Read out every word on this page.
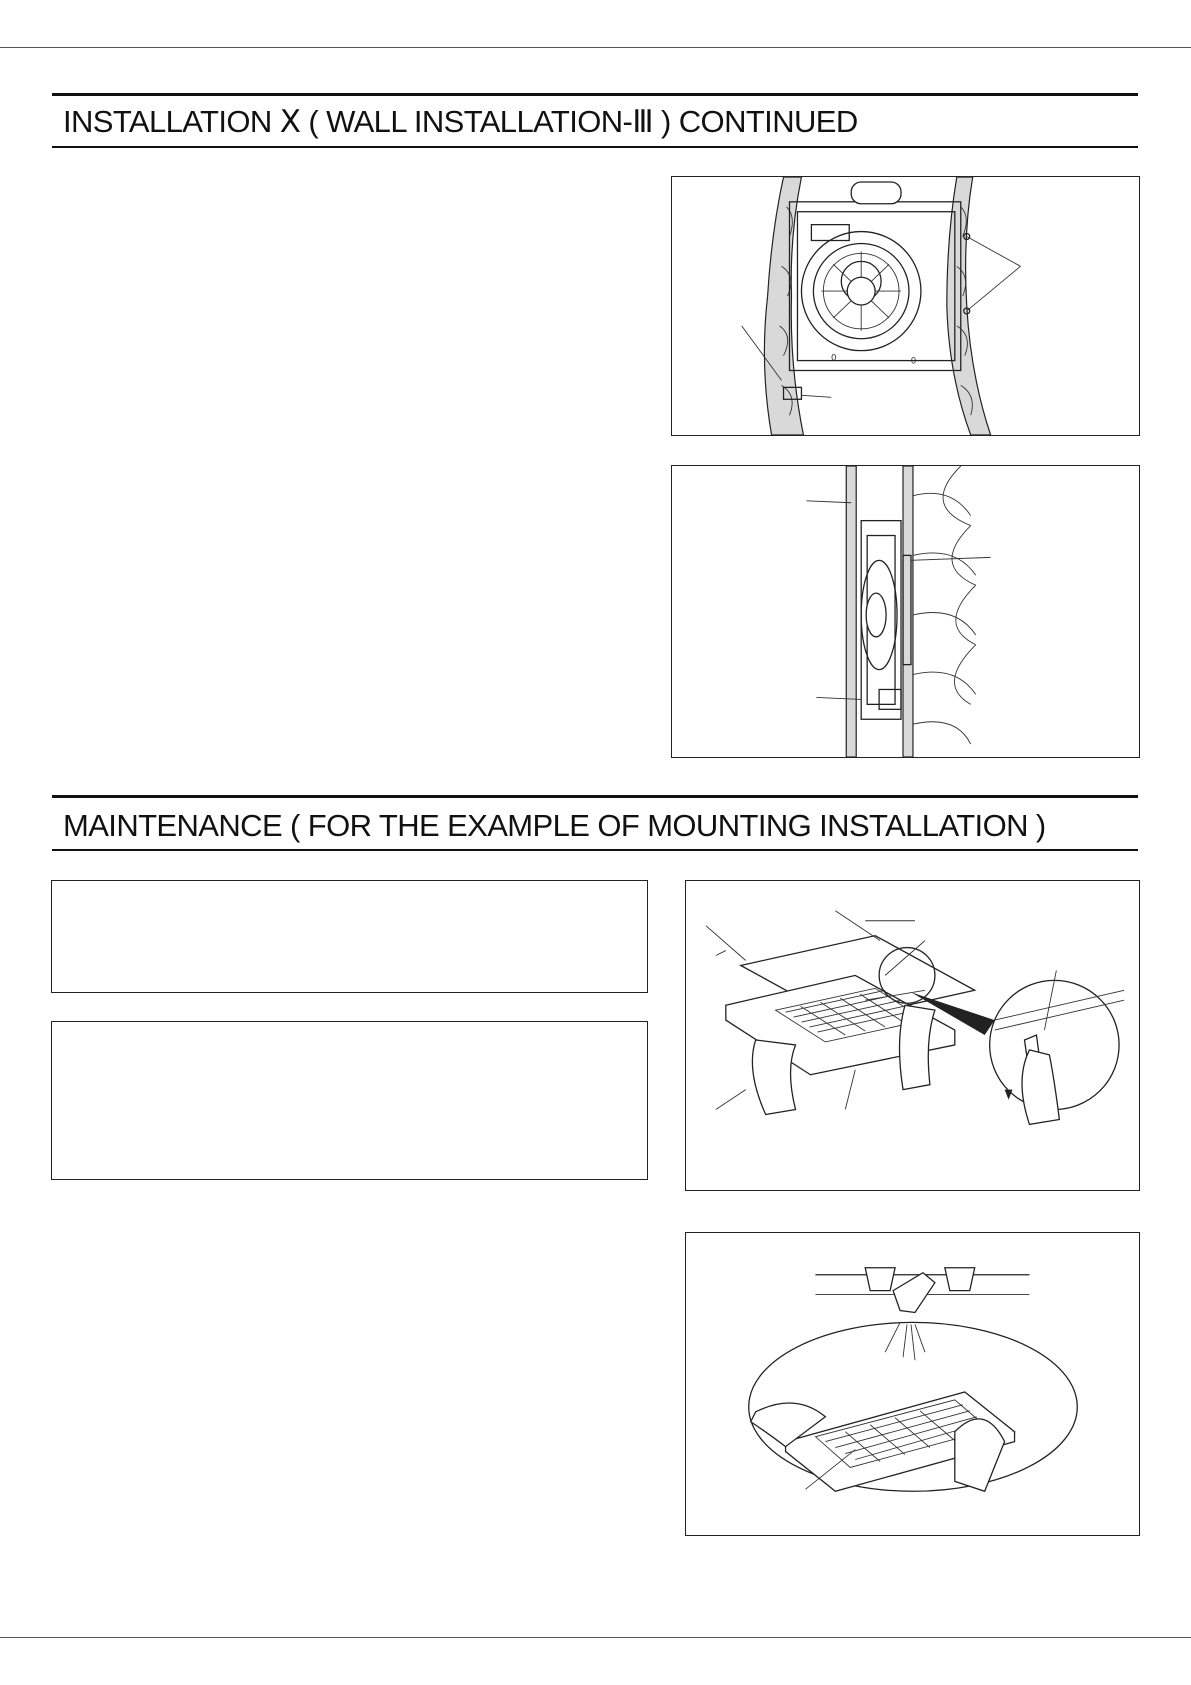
INSTALLATION Ⅹ ( WALL INSTALLATION-Ⅲ ) CONTINUED
0	0
MAINTENANCE ( FOR THE EXAMPLE OF MOUNTING INSTALLATION )
